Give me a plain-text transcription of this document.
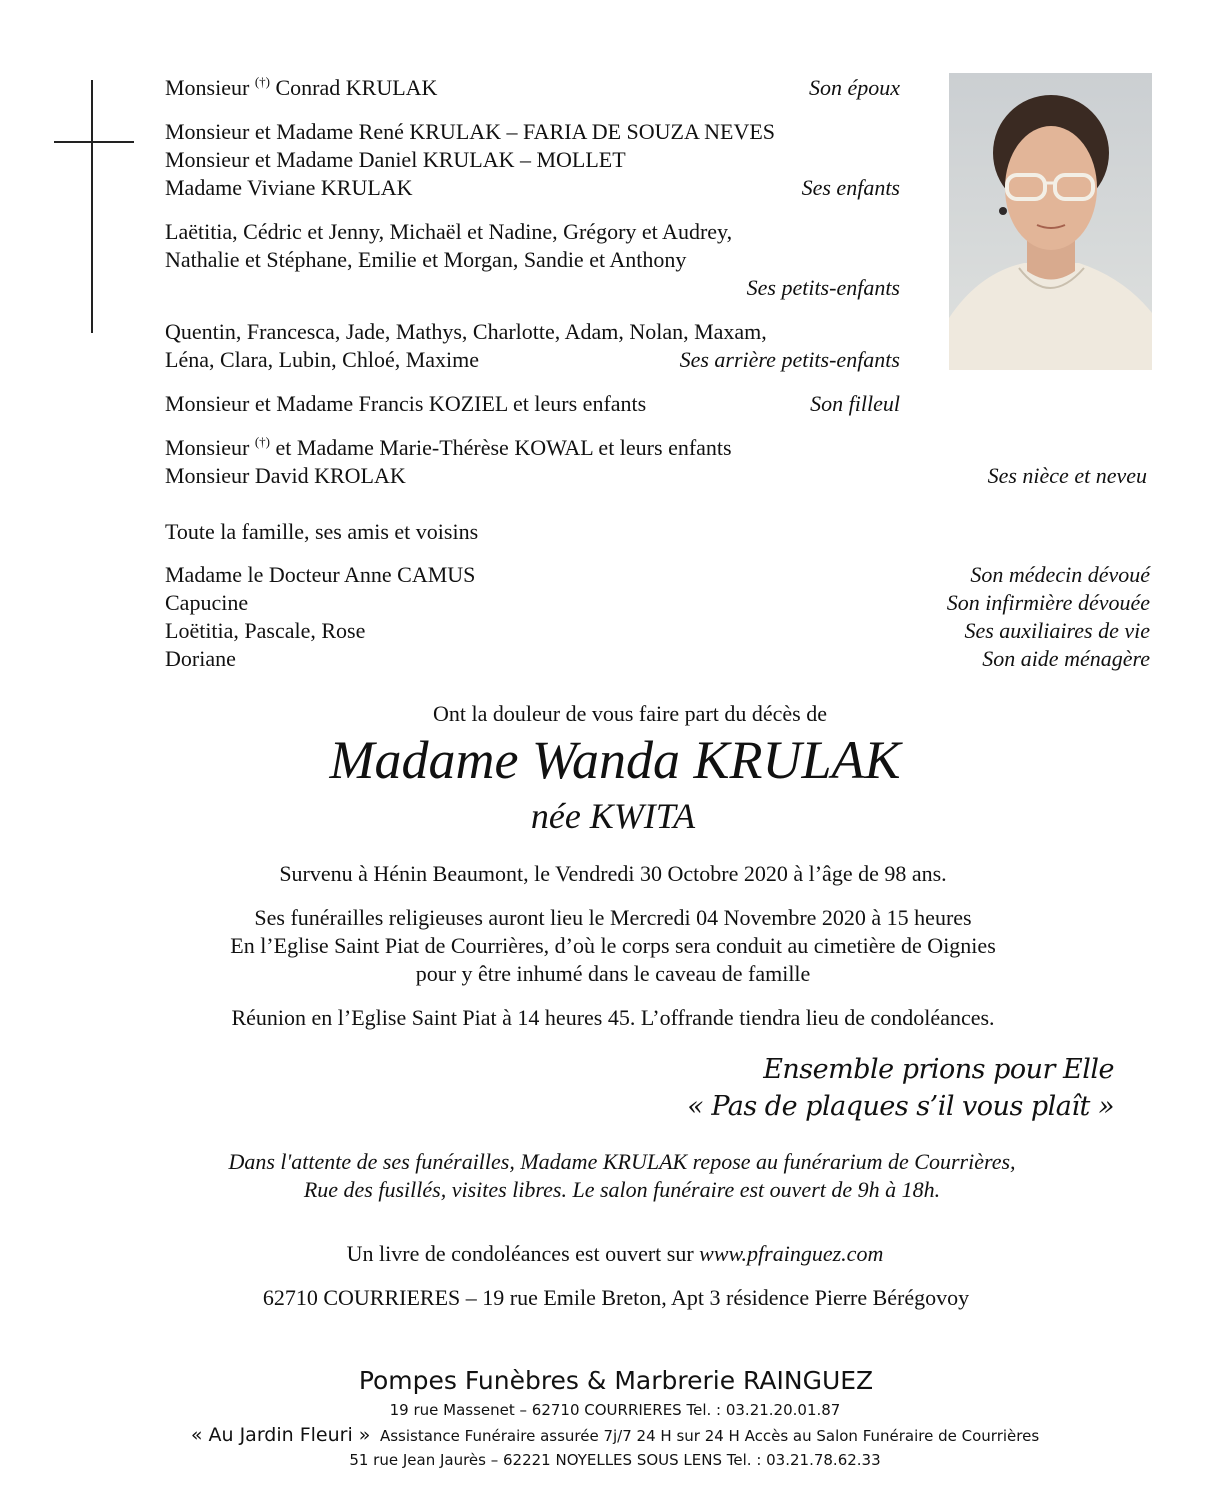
Monsieur (†) Conrad KRULAK	Son époux
Monsieur et Madame René KRULAK – FARIA DE SOUZA NEVES
Monsieur et Madame Daniel KRULAK – MOLLET
Madame Viviane KRULAK	Ses enfants
Laëtitia, Cédric et Jenny, Michaël et Nadine, Grégory et Audrey,
Nathalie et Stéphane, Emilie et Morgan, Sandie et Anthony
Ses petits-enfants
Quentin, Francesca, Jade, Mathys, Charlotte, Adam, Nolan, Maxam,
Léna, Clara, Lubin, Chloé, Maxime	Ses arrière petits-enfants
Monsieur et Madame Francis KOZIEL et leurs enfants	Son filleul
Monsieur (†) et Madame Marie-Thérèse KOWAL et leurs enfants
Monsieur David KROLAK	Ses nièce et neveu
Toute la famille, ses amis et voisins
Madame le Docteur Anne CAMUS	Son médecin dévoué
Capucine	Son infirmière dévouée
Loëtitia, Pascale, Rose	Ses auxiliaires de vie
Doriane	Son aide ménagère
Ont la douleur de vous faire part du décès de
Madame Wanda KRULAK
née KWITA
Survenu à Hénin Beaumont, le Vendredi 30 Octobre 2020 à l’âge de 98 ans.
Ses funérailles religieuses auront lieu le Mercredi 04 Novembre 2020 à 15 heures
En l’Eglise Saint Piat de Courrières, d’où le corps sera conduit au cimetière de Oignies
pour y être inhumé dans le caveau de famille
Réunion en l’Eglise Saint Piat à 14 heures 45. L’offrande tiendra lieu de condoléances.
Ensemble prions pour Elle
« Pas de plaques s’il vous plaît »
Dans l'attente de ses funérailles, Madame KRULAK repose au funérarium de Courrières,
Rue des fusillés, visites libres. Le salon funéraire est ouvert de 9h à 18h.
Un livre de condoléances est ouvert sur www.pfrainguez.com
62710 COURRIERES – 19 rue Emile Breton, Apt 3 résidence Pierre Bérégovoy
Pompes Funèbres & Marbrerie RAINGUEZ
19 rue Massenet – 62710 COURRIERES Tel. : 03.21.20.01.87
« Au Jardin Fleuri » Assistance Funéraire assurée 7j/7 24 H sur 24 H Accès au Salon Funéraire de Courrières
51 rue Jean Jaurès – 62221 NOYELLES SOUS LENS Tel. : 03.21.78.62.33
